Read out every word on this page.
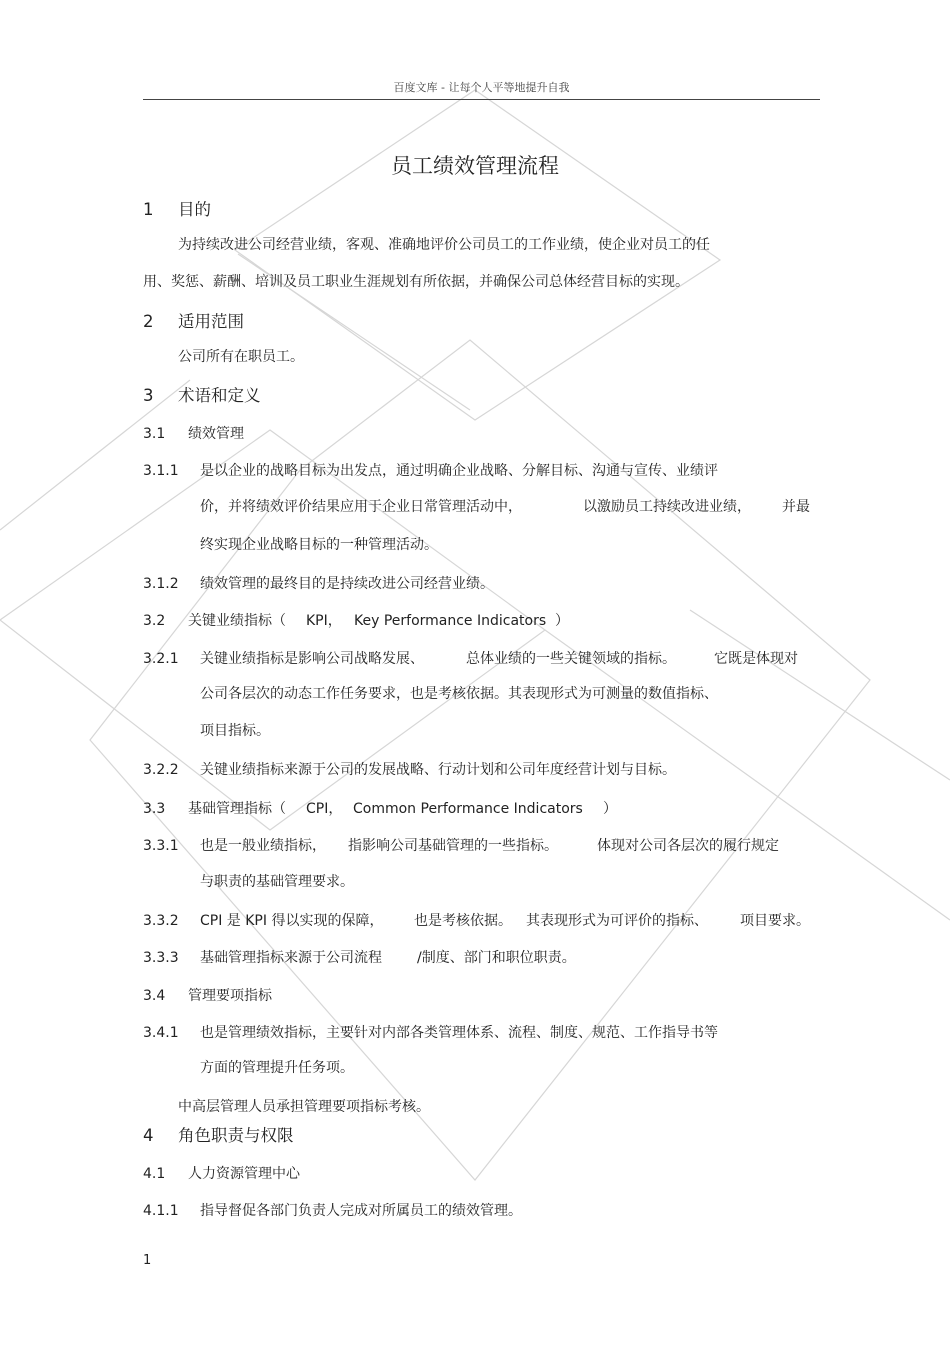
百度文库 - 让每个人平等地提升自我
员工绩效管理流程
1 目的
为持续改进公司经营业绩，客观、准确地评价公司员工的工作业绩，使企业对员工的任
用、奖惩、薪酬、培训及员工职业生涯规划有所依据，并确保公司总体经营目标的实现。
2 适用范围
公司所有在职员工。
3 术语和定义
3.1 绩效管理
3.1.1 是以企业的战略目标为出发点，通过明确企业战略、分解目标、沟通与宣传、业绩评
价，并将绩效评价结果应用于企业日常管理活动中，	以激励员工持续改进业绩， 并最
终实现企业战略目标的一种管理活动。
3.1.2 绩效管理的最终目的是持续改进公司经营业绩。
3.2 关键业绩指标（ KPI， Key Performance Indicators ）
3.2.1 关键业绩指标是影响公司战略发展、	总体业绩的一些关键领域的指标。	它既是体现对
公司各层次的动态工作任务要求，也是考核依据。其表现形式为可测量的数值指标、
项目指标。
3.2.2 关键业绩指标来源于公司的发展战略、行动计划和公司年度经营计划与目标。
3.3 基础管理指标（ CPI， Common Performance Indicators ）
3.3.1 也是一般业绩指标， 指影响公司基础管理的一些指标。	体现对公司各层次的履行规定
与职责的基础管理要求。
3.3.2 CPI 是 KPI 得以实现的保障， 也是考核依据。 其表现形式为可评价的指标、 项目要求。
3.3.3 基础管理指标来源于公司流程	/制度、部门和职位职责。
3.4 管理要项指标
3.4.1 也是管理绩效指标，主要针对内部各类管理体系、流程、制度、规范、工作指导书等
方面的管理提升任务项。
中高层管理人员承担管理要项指标考核。
4 角色职责与权限
4.1 人力资源管理中心
4.1.1 指导督促各部门负责人完成对所属员工的绩效管理。
1
